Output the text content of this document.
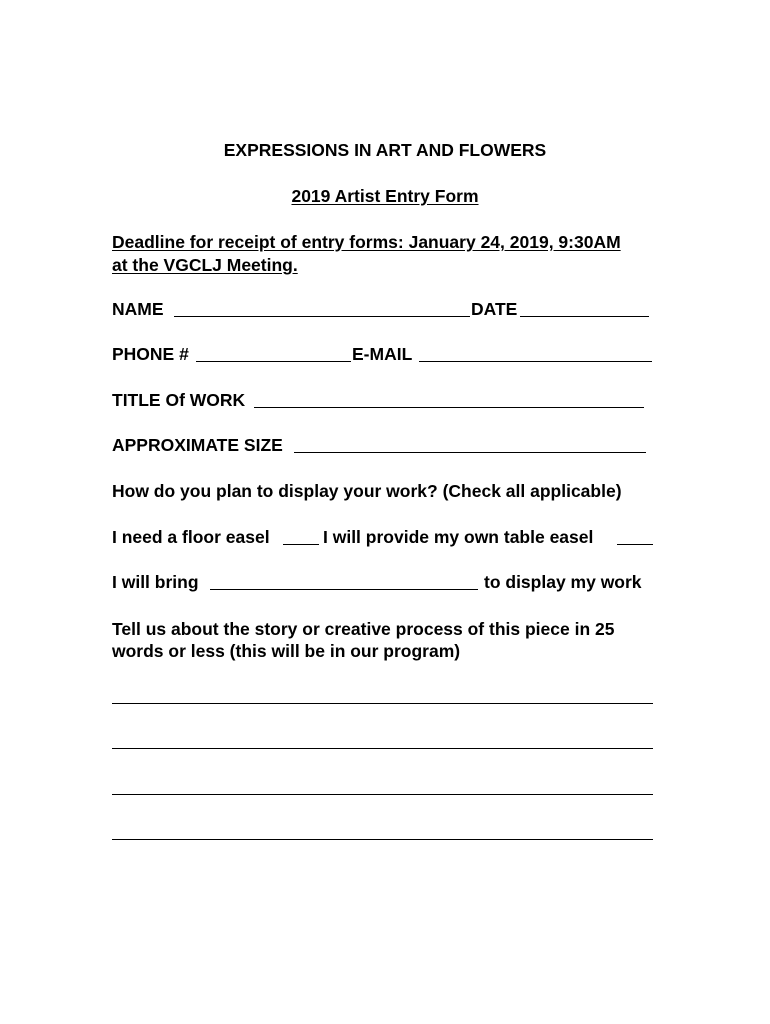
EXPRESSIONS IN ART AND FLOWERS

2019 Artist Entry Form

Deadline for receipt of entry forms: January 24, 2019, 9:30AM

at the VGCLJ Meeting.

NAME	DATE

PHONE #	E-MAIL

TITLE Of WORK

APPROXIMATE SIZE

How do you plan to display your work? (Check all applicable)

I need a floor easel	I will provide my own table easel

I will bring	to display my work

Tell us about the story or creative process of this piece in 25

words or less (this will be in our program)
